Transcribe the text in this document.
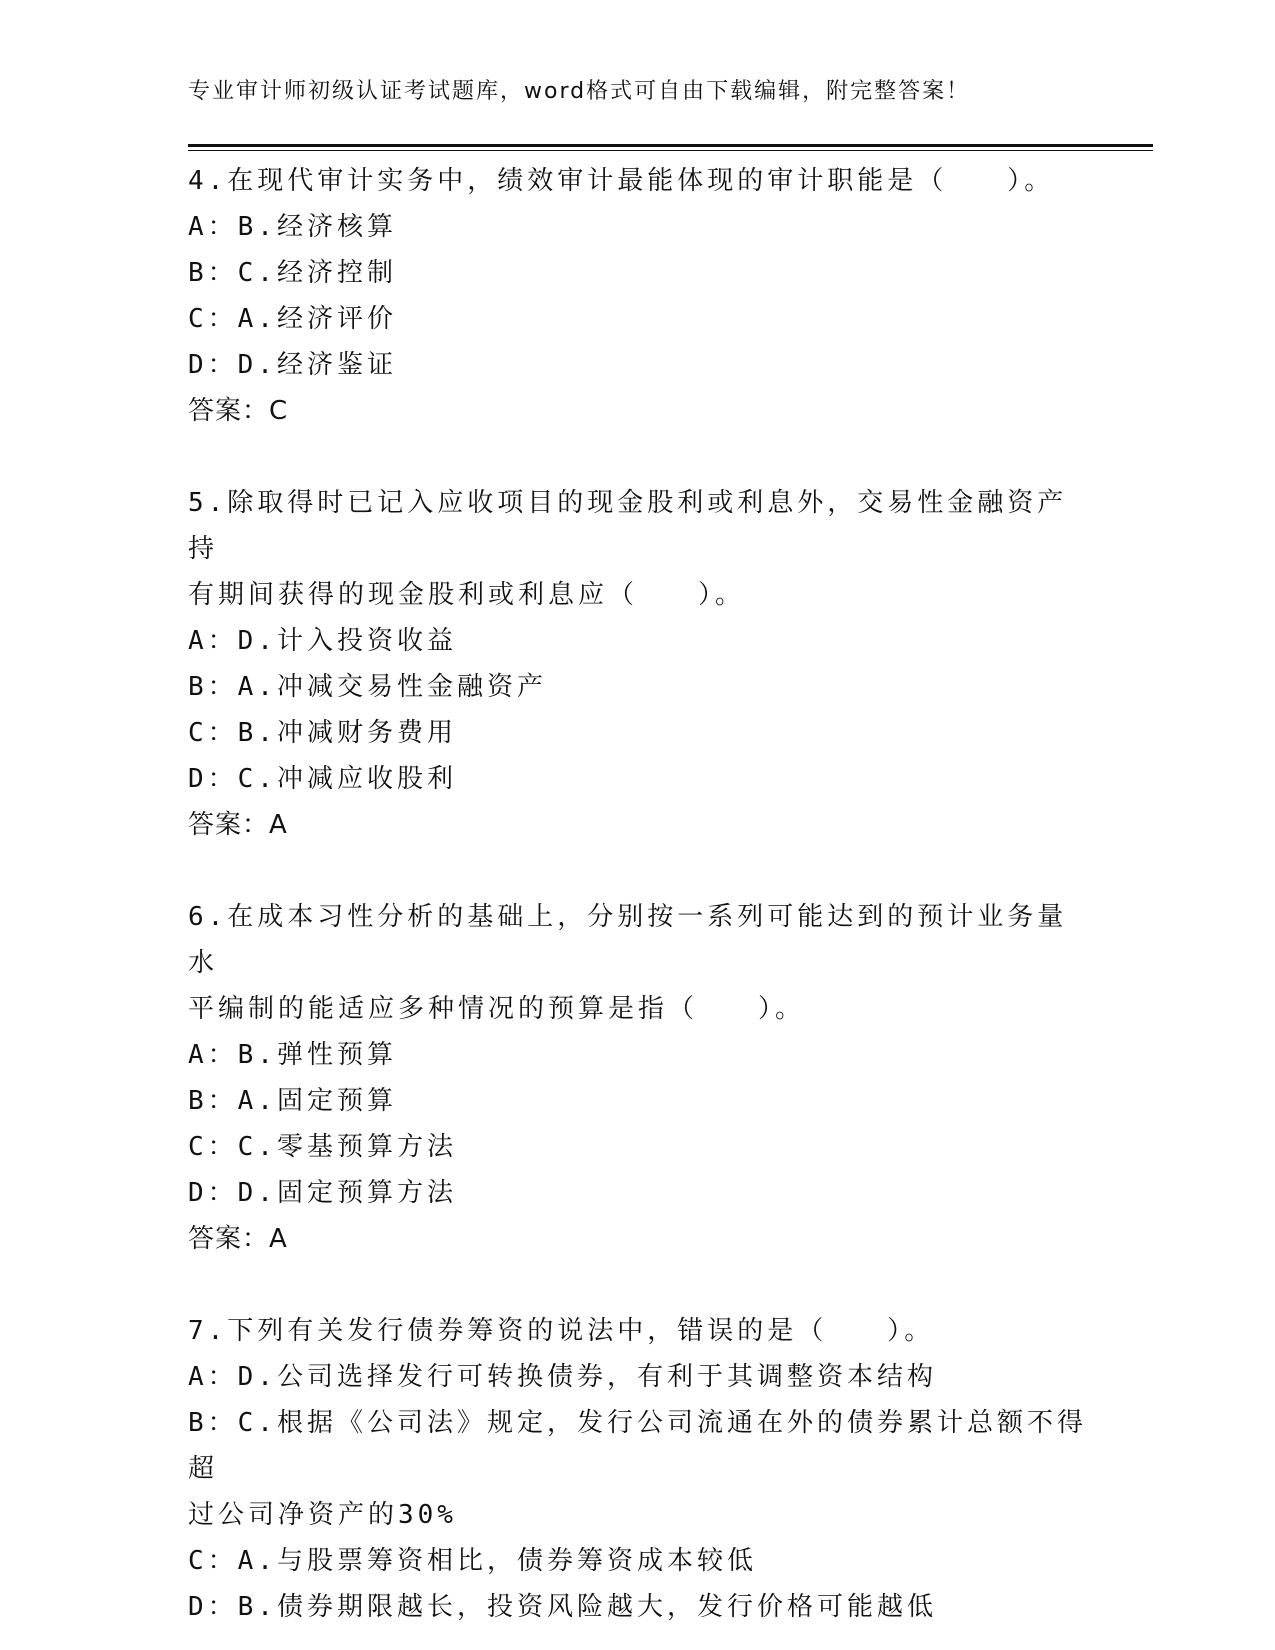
专业审计师初级认证考试题库，word格式可自由下载编辑，附完整答案！

4.在现代审计实务中，绩效审计最能体现的审计职能是（　　）。

A：B.经济核算

B：C.经济控制

C：A.经济评价

D：D.经济鉴证

答案：C

5.除取得时已记入应收项目的现金股利或利息外，交易性金融资产持

有期间获得的现金股利或利息应（　　）。

A：D.计入投资收益

B：A.冲减交易性金融资产

C：B.冲减财务费用

D：C.冲减应收股利

答案：A

6.在成本习性分析的基础上，分别按一系列可能达到的预计业务量水

平编制的能适应多种情况的预算是指（　　）。

A：B.弹性预算

B：A.固定预算

C：C.零基预算方法

D：D.固定预算方法

答案：A

7.下列有关发行债券筹资的说法中，错误的是（　　）。

A：D.公司选择发行可转换债券，有利于其调整资本结构

B：C.根据《公司法》规定，发行公司流通在外的债券累计总额不得超

过公司净资产的30%

C：A.与股票筹资相比，债券筹资成本较低

D：B.债券期限越长，投资风险越大，发行价格可能越低
